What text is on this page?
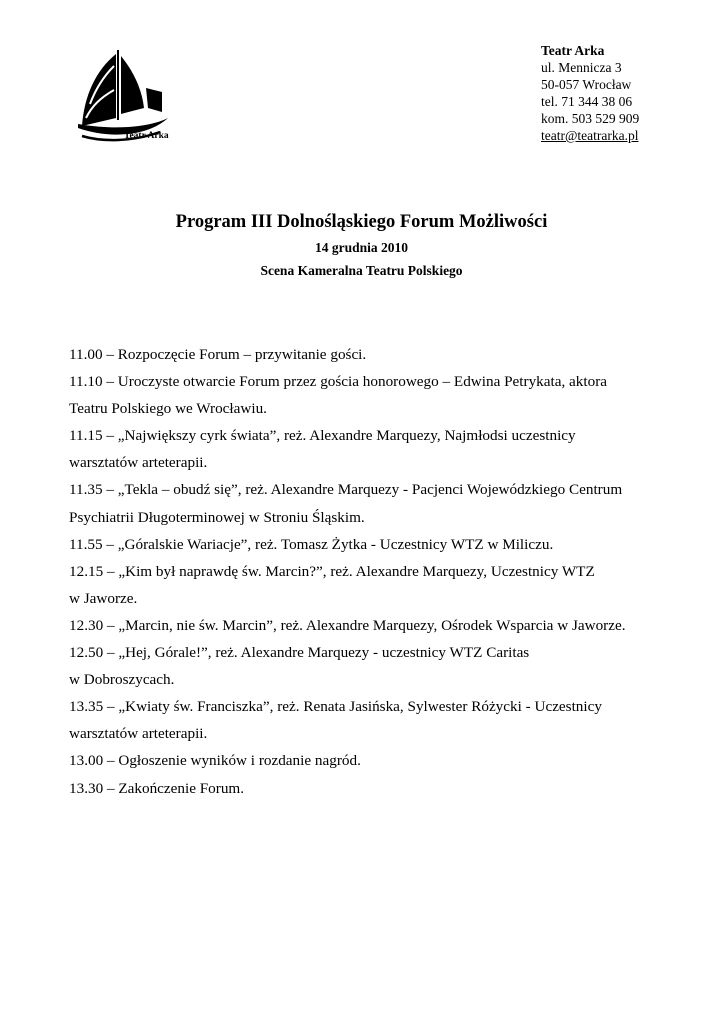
Teatr Arka
Teatr Arka
ul. Mennicza 3
50-057 Wrocław
tel. 71 344 38 06
kom. 503 529 909
teatr@teatrarka.pl
Program III Dolnośląskiego Forum Możliwości
14 grudnia 2010
Scena Kameralna Teatru Polskiego
11.00 – Rozpoczęcie Forum – przywitanie gości.
11.10 – Uroczyste otwarcie Forum przez gościa honorowego – Edwina Petrykata, aktora
Teatru Polskiego we Wrocławiu.
11.15 – „Największy cyrk świata”, reż. Alexandre Marquezy, Najmłodsi uczestnicy
warsztatów arteterapii.
11.35 – „Tekla – obudź się”, reż. Alexandre Marquezy - Pacjenci Wojewódzkiego Centrum
Psychiatrii Długoterminowej w Stroniu Śląskim.
11.55 – „Góralskie Wariacje”, reż. Tomasz Żytka - Uczestnicy WTZ w Miliczu.
12.15 – „Kim był naprawdę św. Marcin?”, reż. Alexandre Marquezy, Uczestnicy WTZ
w Jaworze.
12.30 – „Marcin, nie św. Marcin”, reż. Alexandre Marquezy, Ośrodek Wsparcia w Jaworze.
12.50 – „Hej, Górale!”, reż. Alexandre Marquezy - uczestnicy WTZ Caritas
w Dobroszycach.
13.35 – „Kwiaty św. Franciszka”, reż. Renata Jasińska, Sylwester Różycki - Uczestnicy
warsztatów arteterapii.
13.00 – Ogłoszenie wyników i rozdanie nagród.
13.30 – Zakończenie Forum.
